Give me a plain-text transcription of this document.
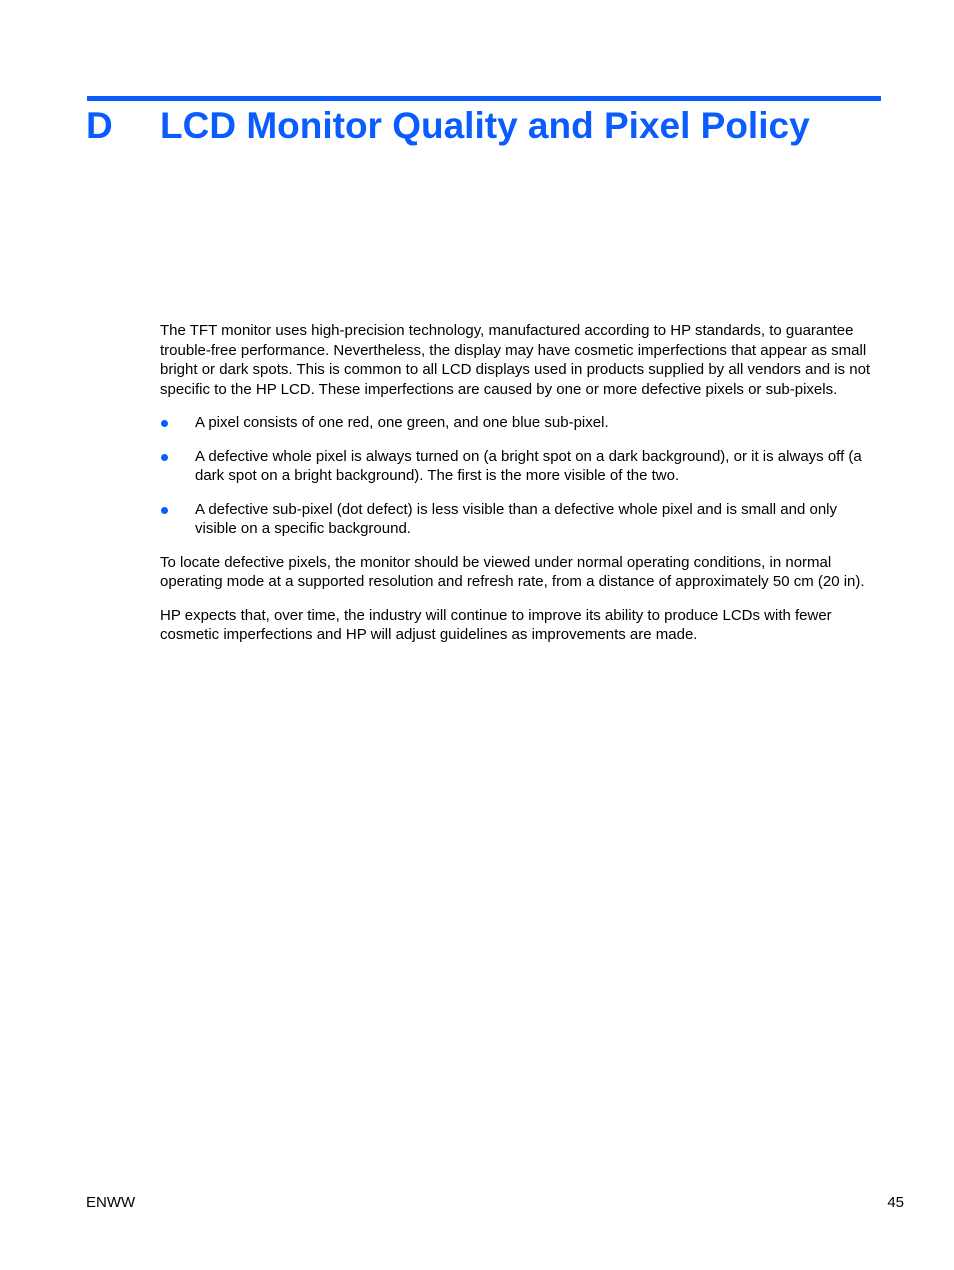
D LCD Monitor Quality and Pixel Policy

The TFT monitor uses high-precision technology, manufactured according to HP standards, to guarantee trouble-free performance. Nevertheless, the display may have cosmetic imperfections that appear as small bright or dark spots. This is common to all LCD displays used in products supplied by all vendors and is not specific to the HP LCD. These imperfections are caused by one or more defective pixels or sub-pixels.

A pixel consists of one red, one green, and one blue sub-pixel.
A defective whole pixel is always turned on (a bright spot on a dark background), or it is always off (a dark spot on a bright background). The first is the more visible of the two.
A defective sub-pixel (dot defect) is less visible than a defective whole pixel and is small and only visible on a specific background.

To locate defective pixels, the monitor should be viewed under normal operating conditions, in normal operating mode at a supported resolution and refresh rate, from a distance of approximately 50 cm (20 in).

HP expects that, over time, the industry will continue to improve its ability to produce LCDs with fewer cosmetic imperfections and HP will adjust guidelines as improvements are made.

ENWW	45
